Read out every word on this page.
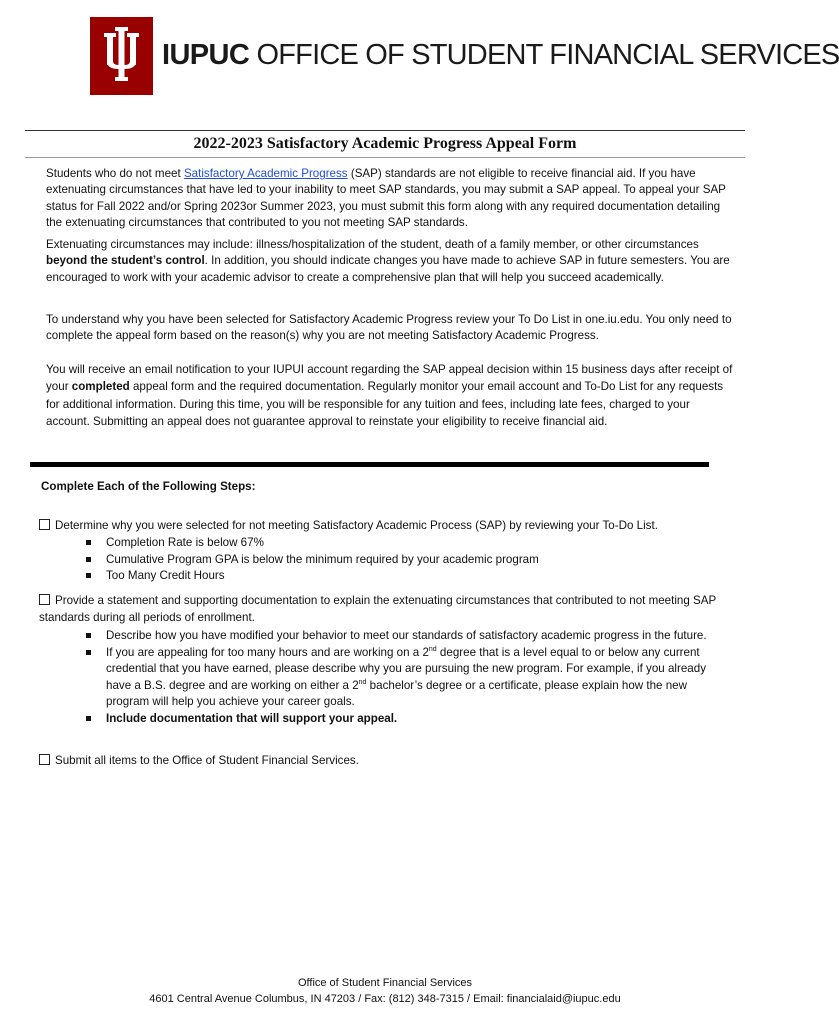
IUPUC OFFICE OF STUDENT FINANCIAL SERVICES
2022-2023 Satisfactory Academic Progress Appeal Form

Students who do not meet Satisfactory Academic Progress (SAP) standards are not eligible to receive financial aid. If you have extenuating circumstances that have led to your inability to meet SAP standards, you may submit a SAP appeal. To appeal your SAP status for Fall 2022 and/or Spring 2023or Summer 2023, you must submit this form along with any required documentation detailing the extenuating circumstances that contributed to you not meeting SAP standards.

Extenuating circumstances may include: illness/hospitalization of the student, death of a family member, or other circumstances beyond the student’s control. In addition, you should indicate changes you have made to achieve SAP in future semesters. You are encouraged to work with your academic advisor to create a comprehensive plan that will help you succeed academically.

To understand why you have been selected for Satisfactory Academic Progress review your To Do List in one.iu.edu. You only need to complete the appeal form based on the reason(s) why you are not meeting Satisfactory Academic Progress.

You will receive an email notification to your IUPUI account regarding the SAP appeal decision within 15 business days after receipt of your completed appeal form and the required documentation. Regularly monitor your email account and To-Do List for any requests for additional information. During this time, you will be responsible for any tuition and fees, including late fees, charged to your account. Submitting an appeal does not guarantee approval to reinstate your eligibility to receive financial aid.

Complete Each of the Following Steps:

Determine why you were selected for not meeting Satisfactory Academic Process (SAP) by reviewing your To-Do List.

Completion Rate is below 67%
Cumulative Program GPA is below the minimum required by your academic program
Too Many Credit Hours

Provide a statement and supporting documentation to explain the extenuating circumstances that contributed to not meeting SAP standards during all periods of enrollment.

Describe how you have modified your behavior to meet our standards of satisfactory academic progress in the future.
If you are appealing for too many hours and are working on a 2nd degree that is a level equal to or below any current credential that you have earned, please describe why you are pursuing the new program. For example, if you already have a B.S. degree and are working on either a 2nd bachelor’s degree or a certificate, please explain how the new program will help you achieve your career goals.
Include documentation that will support your appeal.

Submit all items to the Office of Student Financial Services.

Office of Student Financial Services
4601 Central Avenue Columbus, IN 47203 / Fax: (812) 348-7315 / Email: financialaid@iupuc.edu
